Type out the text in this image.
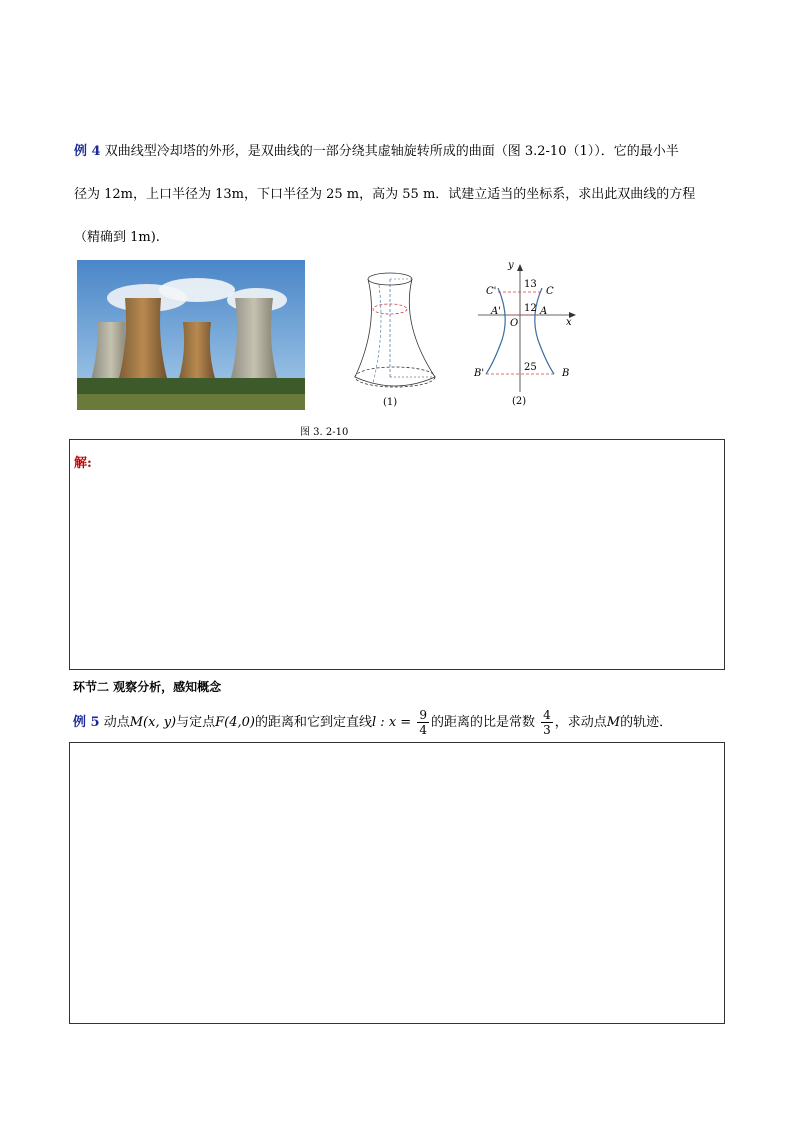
例 4 双曲线型冷却塔的外形，是双曲线的一部分绕其虚轴旋转所成的曲面（图 3.2-10（1））．它的最小半
径为 12m，上口半径为 13m，下口半径为 25 m，高为 55 m．试建立适当的坐标系，求出此双曲线的方程
（精确到 1m).
(1)
y
x
O
13
12
25
C'	C
A'	A
B'	B
(2)
图 3. 2-10
解:
环节二 观察分析，感知概念
例 5 动点M(x, y)与定点F(4,0)的距离和它到定直线l : $x = \frac{9}{4}$ 的距离的比是常数 $\frac{4}{3}$ ，求动点M的轨迹．
